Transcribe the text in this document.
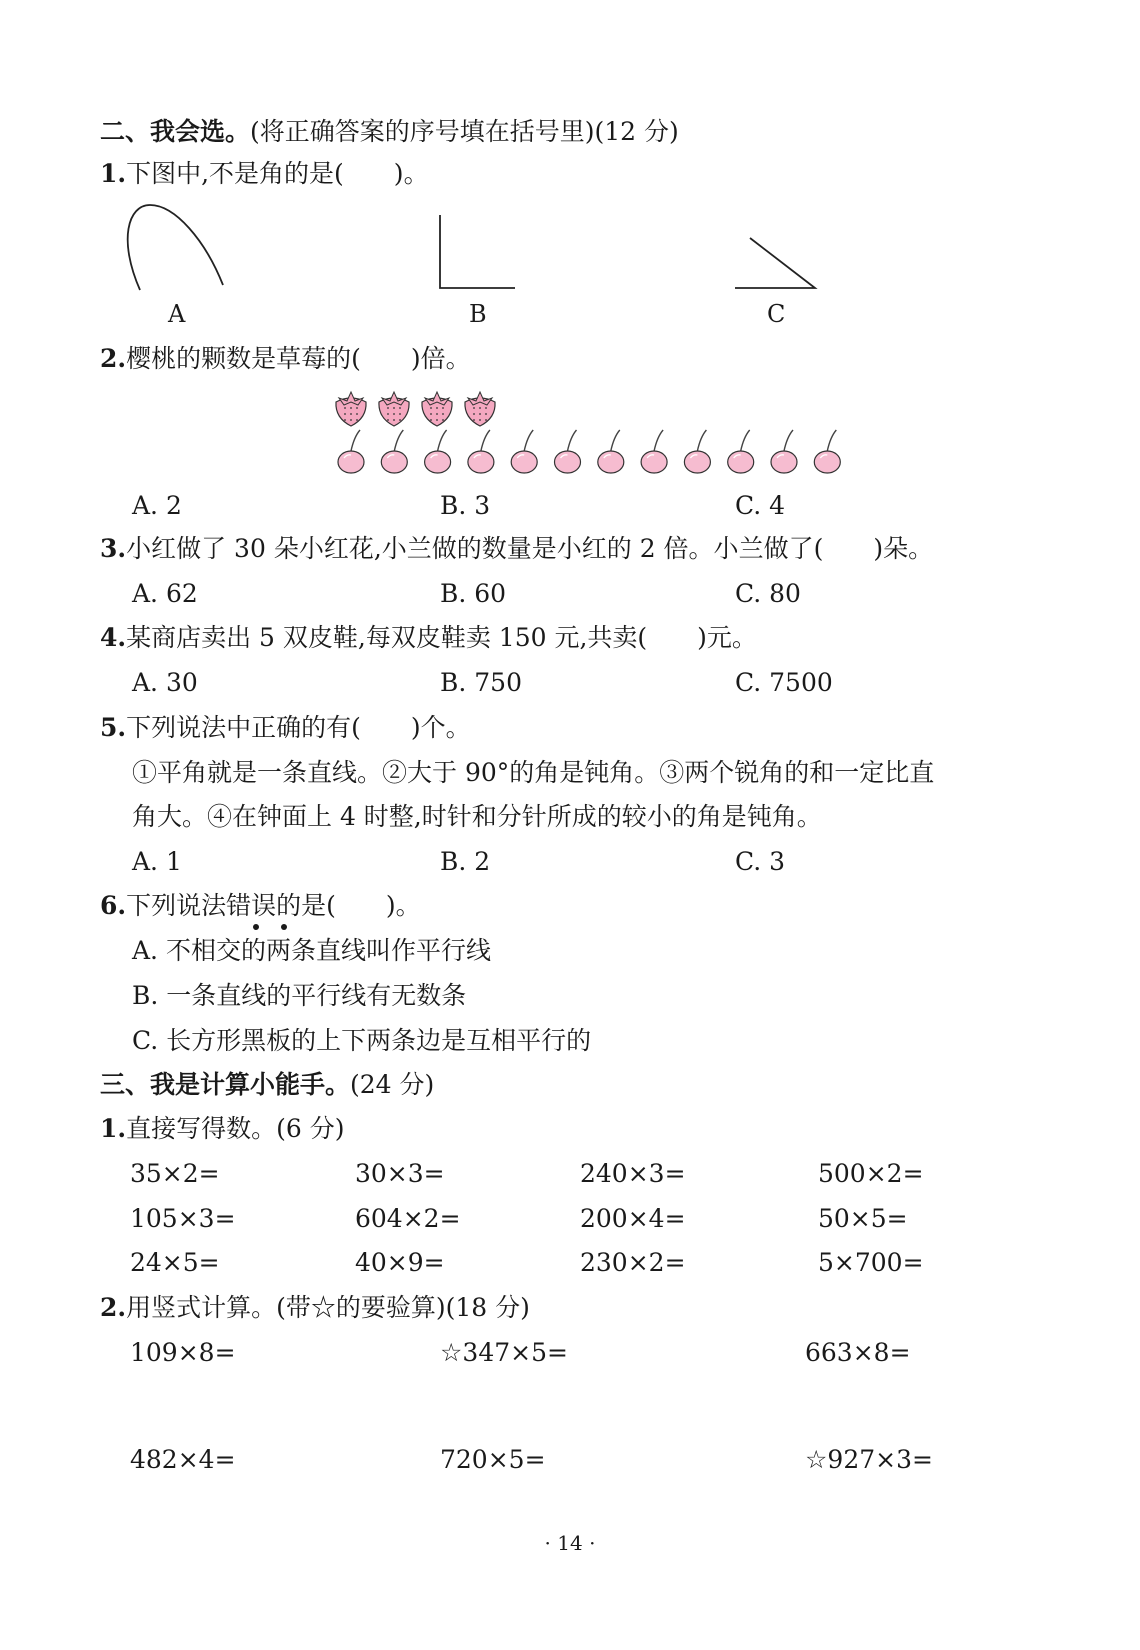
二、我会选。(将正确答案的序号填在括号里)(12 分)
1.下图中,不是角的是(　　)。
A	B	C
2.樱桃的颗数是草莓的(　　)倍。
A. 2	B. 3	C. 4
3.小红做了 30 朵小红花,小兰做的数量是小红的 2 倍。小兰做了(　　)朵。
A. 62	B. 60	C. 80
4.某商店卖出 5 双皮鞋,每双皮鞋卖 150 元,共卖(　　)元。
A. 30	B. 750	C. 7500
5.下列说法中正确的有(　　)个。
①平角就是一条直线。②大于 90°的角是钝角。③两个锐角的和一定比直
角大。④在钟面上 4 时整,时针和分针所成的较小的角是钝角。
A. 1	B. 2	C. 3
6.下列说法错误的是(　　)。
A. 不相交的两条直线叫作平行线
B. 一条直线的平行线有无数条
C. 长方形黑板的上下两条边是互相平行的
三、我是计算小能手。(24 分)
1.直接写得数。(6 分)
35×2=	30×3=	240×3=	500×2=
105×3=	604×2=	200×4=	50×5=
24×5=	40×9=	230×2=	5×700=
2.用竖式计算。(带☆的要验算)(18 分)
109×8=	☆347×5=	663×8=
482×4=	720×5=	☆927×3=
· 14 ·
